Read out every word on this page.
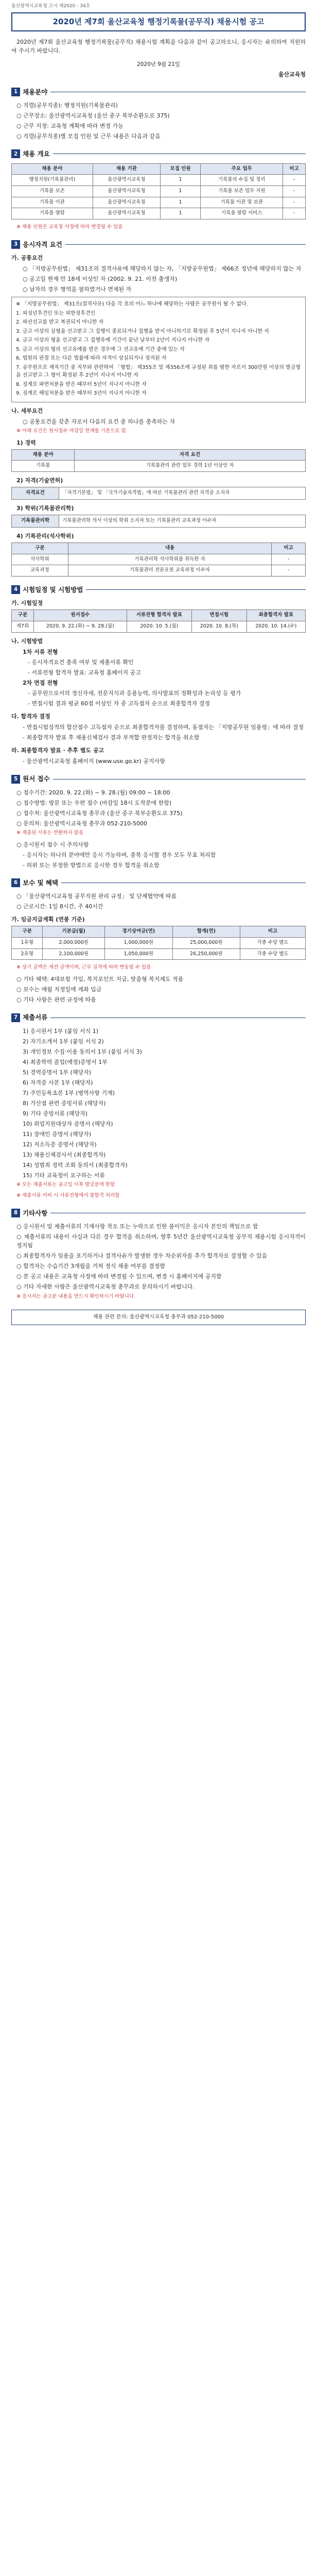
울산광역시교육청 고시 제2020 - 34호
2020년 제7회 울산교육청 행정기록물(공무직) 채용시험 공고
2020년 제7회 울산교육청 행정기록물(공무직) 채용시험 계획을 다음과 같이 공고하오니, 응시자는 유의하여 지원하여 주시기 바랍니다.
2020년 9월 21일
울산교육청
1 채용분야
○ 직렬(공무직종): 행정지원(기록물관리)
○ 근무장소: 울산광역시교육청 (울산 중구 북부순환도로 375)
○ 근무 지정: 교육청 계획에 따라 변경 가능
○ 직렬(공무직종)별 모집 인원 및 근무 내용은 다음과 같음
2 채용 개요
채용 분야	채용 기관	모집 인원	주요 업무	비고
행정지원(기록물관리)	울산광역시교육청	1	기록물의 수집 및 정리	-
기록물 보존	울산광역시교육청	1	기록물 보존 업무 지원	-
기록물 이관	울산광역시교육청	1	기록물 이관 및 보관	-
기록물 열람	울산광역시교육청	1	기록물 열람 서비스	-
※ 채용 인원은 교육청 사정에 따라 변경될 수 있음
3 응시자격 요건
가. 공통요건
○ 「지방공무원법」 제31조의 결격사유에 해당하지 않는 자, 「지방공무원법」 제66조 정년에 해당하지 않는 자
○ 공고일 현재 만 18세 이상인 자 (2002. 9. 21. 이전 출생자)
○ 남자의 경우 병역을 필하였거나 면제된 자
※ 「지방공무원법」 제31조(결격사유) 다음 각 호의 어느 하나에 해당하는 사람은 공무원이 될 수 없다.
1. 피성년후견인 또는 피한정후견인
2. 파산선고를 받고 복권되지 아니한 자
3. 금고 이상의 실형을 선고받고 그 집행이 종료되거나 집행을 받지 아니하기로 확정된 후 5년이 지나지 아니한 자
4. 금고 이상의 형을 선고받고 그 집행유예 기간이 끝난 날부터 2년이 지나지 아니한 자
5. 금고 이상의 형의 선고유예를 받은 경우에 그 선고유예 기간 중에 있는 자
6. 법원의 판결 또는 다른 법률에 따라 자격이 상실되거나 정지된 자
7. 공무원으로 재직기간 중 직무와 관련하여 「형법」 제355조 및 제356조에 규정된 죄를 범한 자로서 300만원 이상의 벌금형을 선고받고 그 형이 확정된 후 2년이 지나지 아니한 자
8. 징계로 파면처분을 받은 때부터 5년이 지나지 아니한 자
9. 징계로 해임처분을 받은 때부터 3년이 지나지 아니한 자
나. 세부요건
○ 공통요건을 갖춘 자로서 다음의 요건 중 하나를 충족하는 자
※ 아래 요건은 원서접수 마감일 현재를 기준으로 함
1) 경력
채용 분야	자격 요건
기록물	기록물관리 관련 업무 경력 1년 이상인 자
2) 자격(기술면허)
자격요건	「자격기본법」 및 「국가기술자격법」에 따른 기록물관리 관련 자격증 소지자
3) 학위(기록물관리학)
기록물관리학	기록물관리학 석사 이상의 학위 소지자 또는 기록물관리 교육과정 이수자
4) 기록관리(석사학위)
구분	내용	비고
석사학위	기록관리학 석사학위를 취득한 자	-
교육과정	기록물관리 전문요원 교육과정 이수자	-
4 시험일정 및 시험방법
가. 시험일정
구분	원서접수	서류전형 합격자 발표	면접시험	최종합격자 발표
제7회	2020. 9. 22.(화) ~ 9. 28.(월)	2020. 10. 5.(월)	2020. 10. 8.(목)	2020. 10. 14.(수)
나. 시험방법
1차 서류 전형
- 응시자격요건 충족 여부 및 제출서류 확인
- 서류전형 합격자 발표: 교육청 홈페이지 공고
2차 면접 전형
- 공무원으로서의 정신자세, 전문지식과 응용능력, 의사발표의 정확성과 논리성 등 평가
- 면접시험 결과 평균 60점 이상인 자 중 고득점자 순으로 최종합격자 결정
다. 합격자 결정
- 면접시험성적의 합산점수 고득점자 순으로 최종합격자를 결정하며, 동점자는 「지방공무원 임용령」에 따라 결정
- 최종합격자 발표 후 채용신체검사 결과 부적합 판정자는 합격을 취소함
라. 최종합격자 발표 · 추후 별도 공고
- 울산광역시교육청 홈페이지 (www.use.go.kr) 공지사항
5 원서 접수
○ 접수기간: 2020. 9. 22.(화) ~ 9. 28.(월) 09:00 ~ 18:00
○ 접수방법: 방문 또는 우편 접수 (마감일 18시 도착분에 한함)
○ 접수처: 울산광역시교육청 총무과 (울산 중구 북부순환도로 375)
○ 문의처: 울산광역시교육청 총무과 052-210-5000
※ 제출된 서류는 반환하지 않음
○ 응시원서 접수 시 주의사항
- 응시자는 하나의 분야에만 응시 가능하며, 중복 응시할 경우 모두 무효 처리함
- 허위 또는 부정한 방법으로 응시한 경우 합격을 취소함
6 보수 및 혜택
○ 「울산광역시교육청 공무직원 관리 규정」 및 단체협약에 따름
○ 근로시간: 1일 8시간, 주 40시간
가. 임금지급계획 (연봉 기준)
구분	기본급(월)	정기상여금(연)	합계(연)	비고
1유형	2,000,000원	1,000,000원	25,000,000원	각종 수당 별도
2유형	2,100,000원	1,050,000원	26,250,000원	각종 수당 별도
※ 상기 금액은 세전 금액이며, 근무 실적에 따라 변동될 수 있음
○ 기타 혜택: 4대보험 가입, 복지포인트 지급, 맞춤형 복지제도 적용
○ 보수는 매월 지정일에 계좌 입금
○ 기타 사항은 관련 규정에 따름
7 제출서류
1) 응시원서 1부 (붙임 서식 1)
2) 자기소개서 1부 (붙임 서식 2)
3) 개인정보 수집·이용 동의서 1부 (붙임 서식 3)
4) 최종학력 졸업(예정)증명서 1부
5) 경력증명서 1부 (해당자)
6) 자격증 사본 1부 (해당자)
7) 주민등록초본 1부 (병역사항 기재)
8) 가산점 관련 증빙서류 (해당자)
9) 기타 증빙서류 (해당자)
10) 취업지원대상자 증명서 (해당자)
11) 장애인 증명서 (해당자)
12) 저소득층 증명서 (해당자)
13) 채용신체검사서 (최종합격자)
14) 성범죄 경력 조회 동의서 (최종합격자)
15) 기타 교육청이 요구하는 서류
※ 모든 제출서류는 공고일 이후 발급분에 한함
※ 제출서류 미비 시 서류전형에서 불합격 처리함
8 기타사항
○ 응시원서 및 제출서류의 기재사항 착오 또는 누락으로 인한 불이익은 응시자 본인의 책임으로 함
○ 제출서류의 내용이 사실과 다른 경우 합격을 취소하며, 향후 5년간 울산광역시교육청 공무직 채용시험 응시자격이 정지됨
○ 최종합격자가 임용을 포기하거나 결격사유가 발생한 경우 차순위자를 추가 합격자로 결정할 수 있음
○ 합격자는 수습기간 3개월을 거쳐 정식 채용 여부를 결정함
○ 본 공고 내용은 교육청 사정에 따라 변경될 수 있으며, 변경 시 홈페이지에 공지함
○ 기타 자세한 사항은 울산광역시교육청 총무과로 문의하시기 바랍니다.
※ 응시자는 공고문 내용을 반드시 확인하시기 바랍니다.
채용 관련 문의: 울산광역시교육청 총무과 052-210-5000
